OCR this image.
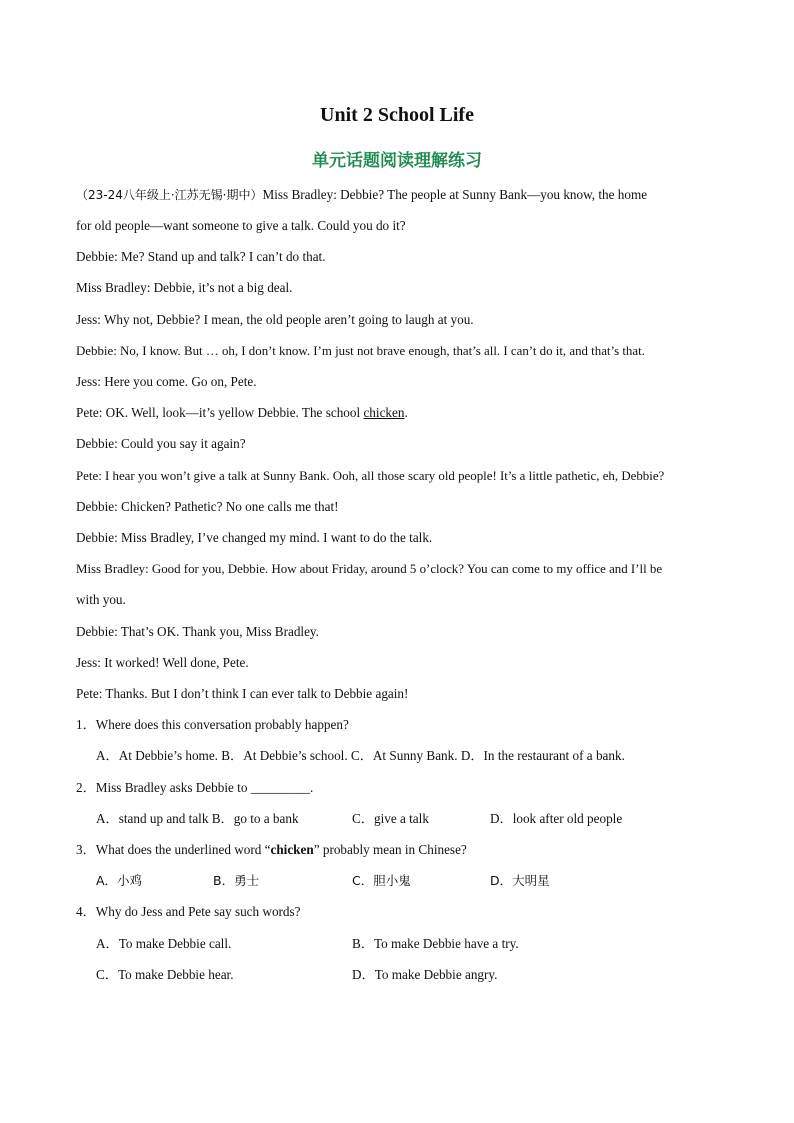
Unit 2 School Life
单元话题阅读理解练习
（23-24八年级上·江苏无锡·期中）Miss Bradley: Debbie? The people at Sunny Bank—you know, the home
for old people—want someone to give a talk. Could you do it?
Debbie: Me? Stand up and talk? I can’t do that.
Miss Bradley: Debbie, it’s not a big deal.
Jess: Why not, Debbie? I mean, the old people aren’t going to laugh at you.
Debbie: No, I know. But … oh, I don’t know. I’m just not brave enough, that’s all. I can’t do it, and that’s that.
Jess: Here you come. Go on, Pete.
Pete: OK. Well, look—it’s yellow Debbie. The school chicken.
Debbie: Could you say it again?
Pete: I hear you won’t give a talk at Sunny Bank. Ooh, all those scary old people! It’s a little pathetic, eh, Debbie?
Debbie: Chicken? Pathetic? No one calls me that!
Debbie: Miss Bradley, I’ve changed my mind. I want to do the talk.
Miss Bradley: Good for you, Debbie. How about Friday, around 5 o’clock? You can come to my office and I’ll be
with you.
Debbie: That’s OK. Thank you, Miss Bradley.
Jess: It worked! Well done, Pete.
Pete: Thanks. But I don’t think I can ever talk to Debbie again!
1．Where does this conversation probably happen?
A．At Debbie’s home. B．At Debbie’s school. C．At Sunny Bank. D．In the restaurant of a bank.
2．Miss Bradley asks Debbie to _________.
A．stand up and talk B．go to a bank	C．give a talk	D．look after old people
3．What does the underlined word “chicken” probably mean in Chinese?
A．小鸡	B．勇士	C．胆小鬼	D．大明星
4．Why do Jess and Pete say such words?
A．To make Debbie call.	B．To make Debbie have a try.
C．To make Debbie hear.	D．To make Debbie angry.
